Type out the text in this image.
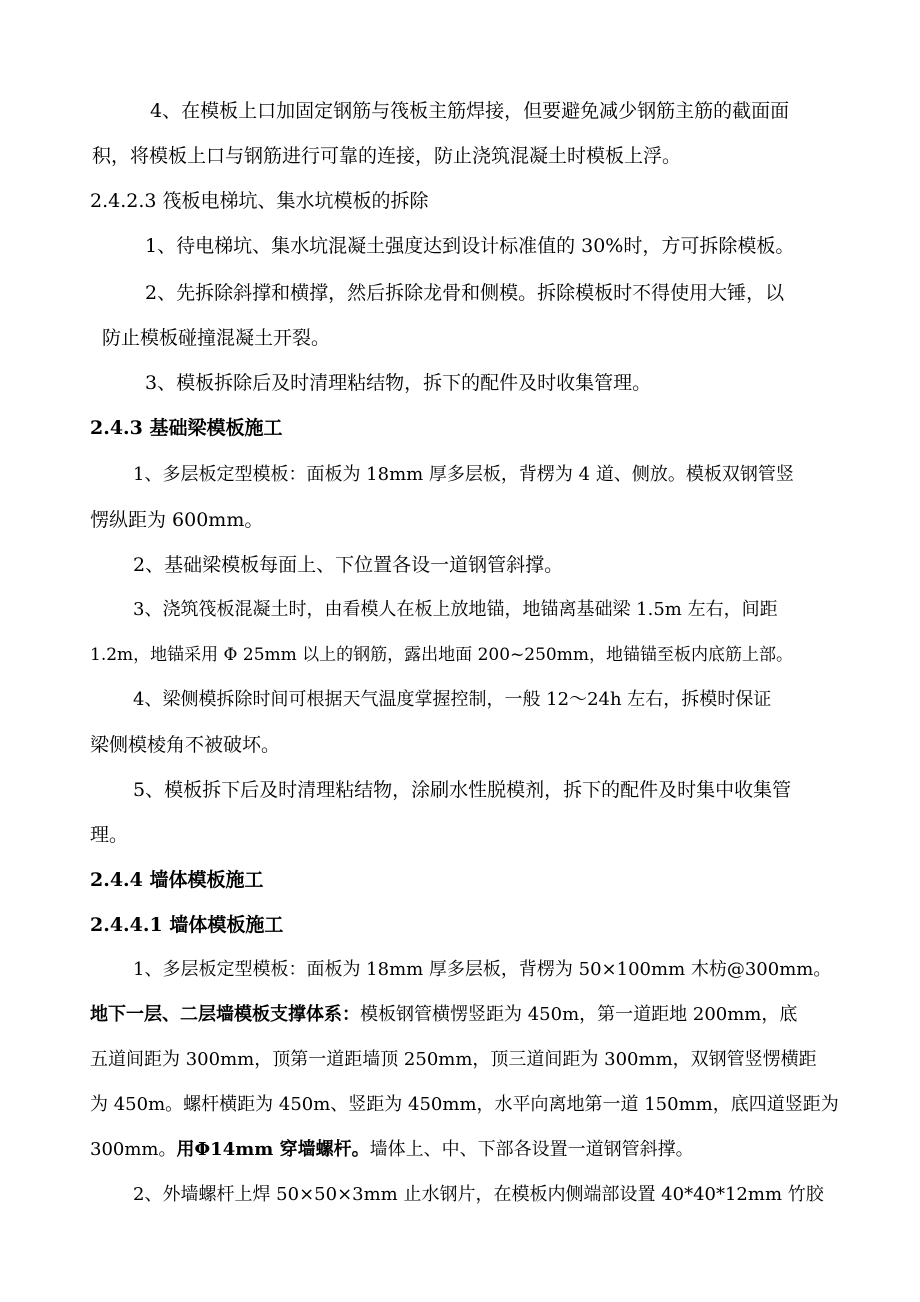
4、在模板上口加固定钢筋与筏板主筋焊接，但要避免减少钢筋主筋的截面面
积，将模板上口与钢筋进行可靠的连接，防止浇筑混凝土时模板上浮。
2.4.2.3 筏板电梯坑、集水坑模板的拆除
1、待电梯坑、集水坑混凝土强度达到设计标准值的 30%时，方可拆除模板。
2、先拆除斜撑和横撑，然后拆除龙骨和侧模。拆除模板时不得使用大锤，以
防止模板碰撞混凝土开裂。
3、模板拆除后及时清理粘结物，拆下的配件及时收集管理。
2.4.3 基础梁模板施工
1、多层板定型模板：面板为 18mm 厚多层板，背楞为 4 道、侧放。模板双钢管竖
愣纵距为 600mm。
2、基础梁模板每面上、下位置各设一道钢管斜撑。
3、浇筑筏板混凝土时，由看模人在板上放地锚，地锚离基础梁 1.5m 左右，间距
1.2m，地锚采用 Φ 25mm 以上的钢筋，露出地面 200~250mm，地锚锚至板内底筋上部。
4、梁侧模拆除时间可根据天气温度掌握控制，一般 12～24h 左右，拆模时保证
梁侧模棱角不被破坏。
5、模板拆下后及时清理粘结物，涂刷水性脱模剂，拆下的配件及时集中收集管
理。
2.4.4 墙体模板施工
2.4.4.1 墙体模板施工
1、多层板定型模板：面板为 18mm 厚多层板，背楞为 50×100mm 木枋@300mm。
地下一层、二层墙模板支撑体系：模板钢管横愣竖距为 450m，第一道距地 200mm，底
五道间距为 300mm，顶第一道距墙顶 250mm，顶三道间距为 300mm，双钢管竖愣横距
为 450m。螺杆横距为 450m、竖距为 450mm，水平向离地第一道 150mm，底四道竖距为
300mm。用Φ14mm 穿墙螺杆。墙体上、中、下部各设置一道钢管斜撑。
2、外墙螺杆上焊 50×50×3mm 止水钢片，在模板内侧端部设置 40*40*12mm 竹胶
